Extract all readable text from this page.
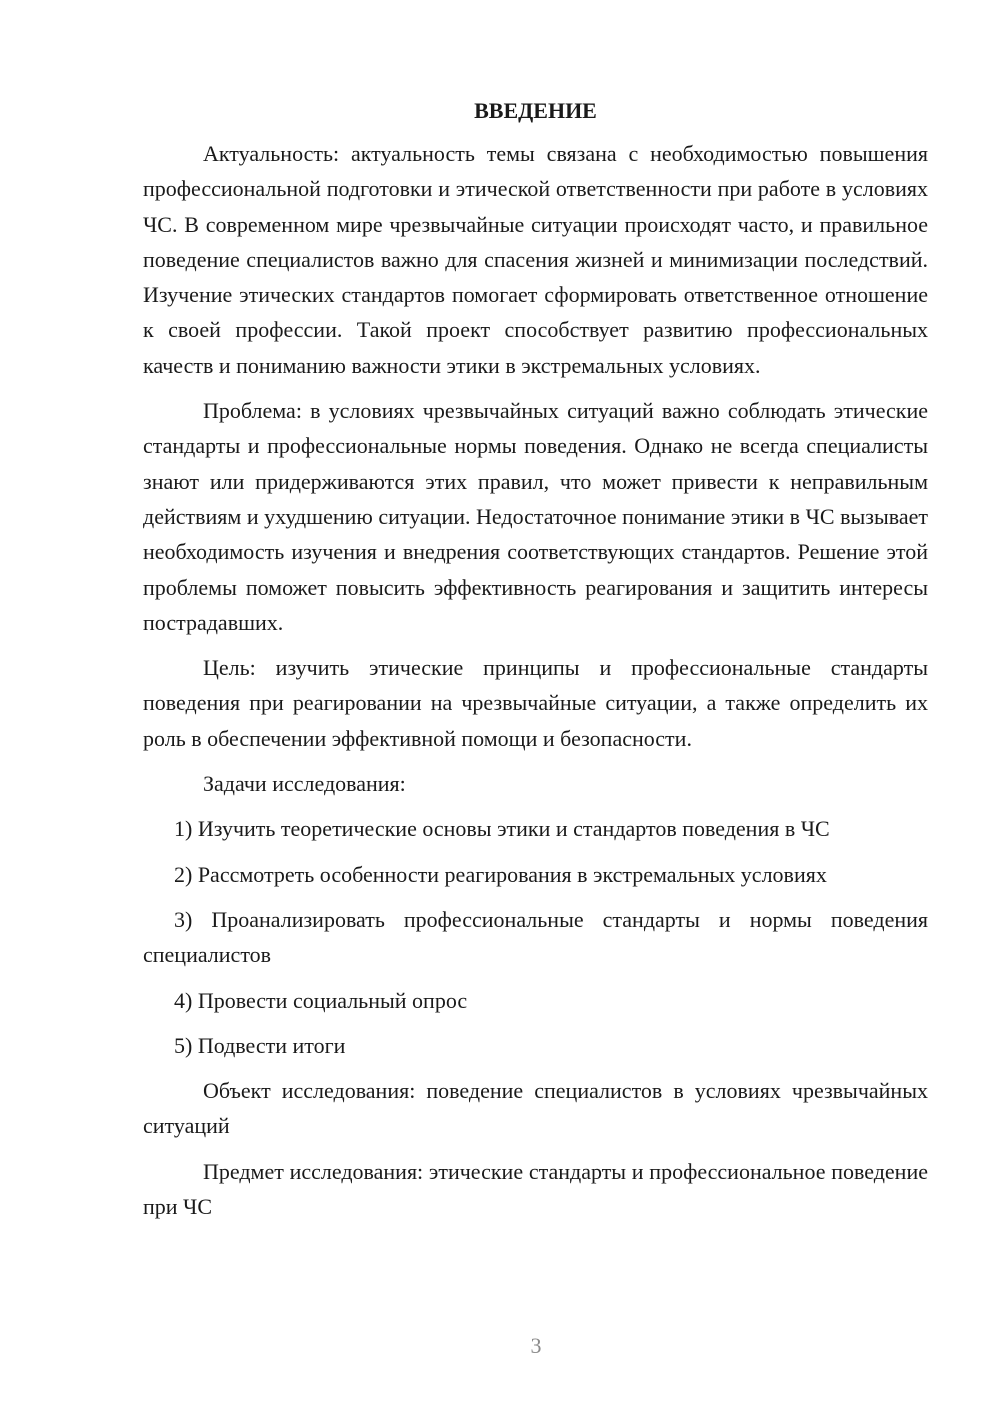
ВВЕДЕНИЕ

Актуальность: актуальность темы связана с необходимостью повышения профессиональной подготовки и этической ответственности при работе в условиях ЧС. В современном мире чрезвычайные ситуации происходят часто, и правильное поведение специалистов важно для спасения жизней и минимизации последствий. Изучение этических стандартов помогает сформировать ответственное отношение к своей профессии. Такой проект способствует развитию профессиональных качеств и пониманию важности этики в экстремальных условиях.

Проблема: в условиях чрезвычайных ситуаций важно соблюдать этические стандарты и профессиональные нормы поведения. Однако не всегда специалисты знают или придерживаются этих правил, что может привести к неправильным действиям и ухудшению ситуации. Недостаточное понимание этики в ЧС вызывает необходимость изучения и внедрения соответствующих стандартов. Решение этой проблемы поможет повысить эффективность реагирования и защитить интересы пострадавших.

Цель: изучить этические принципы и профессиональные стандарты поведения при реагировании на чрезвычайные ситуации, а также определить их роль в обеспечении эффективной помощи и безопасности.

Задачи исследования:

1) Изучить теоретические основы этики и стандартов поведения в ЧС

2) Рассмотреть особенности реагирования в экстремальных условиях

3) Проанализировать профессиональные стандарты и нормы поведения специалистов

4) Провести социальный опрос

5) Подвести итоги

Объект исследования: поведение специалистов в условиях чрезвычайных ситуаций

Предмет исследования: этические стандарты и профессиональное поведение при ЧС

3
